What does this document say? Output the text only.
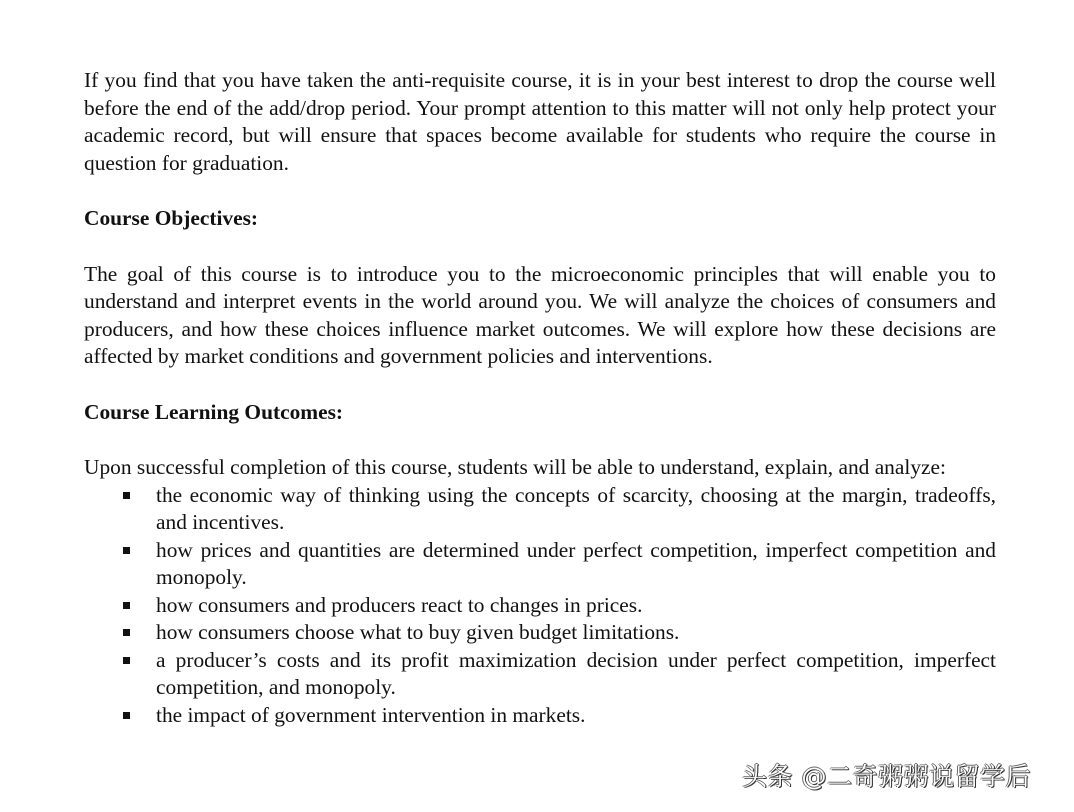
If you find that you have taken the anti-requisite course, it is in your best interest to drop the course well before the end of the add/drop period. Your prompt attention to this matter will not only help protect your academic record, but will ensure that spaces become available for students who require the course in question for graduation.

Course Objectives:

The goal of this course is to introduce you to the microeconomic principles that will enable you to understand and interpret events in the world around you. We will analyze the choices of consumers and producers, and how these choices influence market outcomes. We will explore how these decisions are affected by market conditions and government policies and interventions.

Course Learning Outcomes:

Upon successful completion of this course, students will be able to understand, explain, and analyze:

the economic way of thinking using the concepts of scarcity, choosing at the margin, tradeoffs, and incentives.
how prices and quantities are determined under perfect competition, imperfect competition and monopoly.
how consumers and producers react to changes in prices.
how consumers choose what to buy given budget limitations.
a producer’s costs and its profit maximization decision under perfect competition, imperfect competition, and monopoly.
the impact of government intervention in markets.
头条 @二奇粥粥说留学后
